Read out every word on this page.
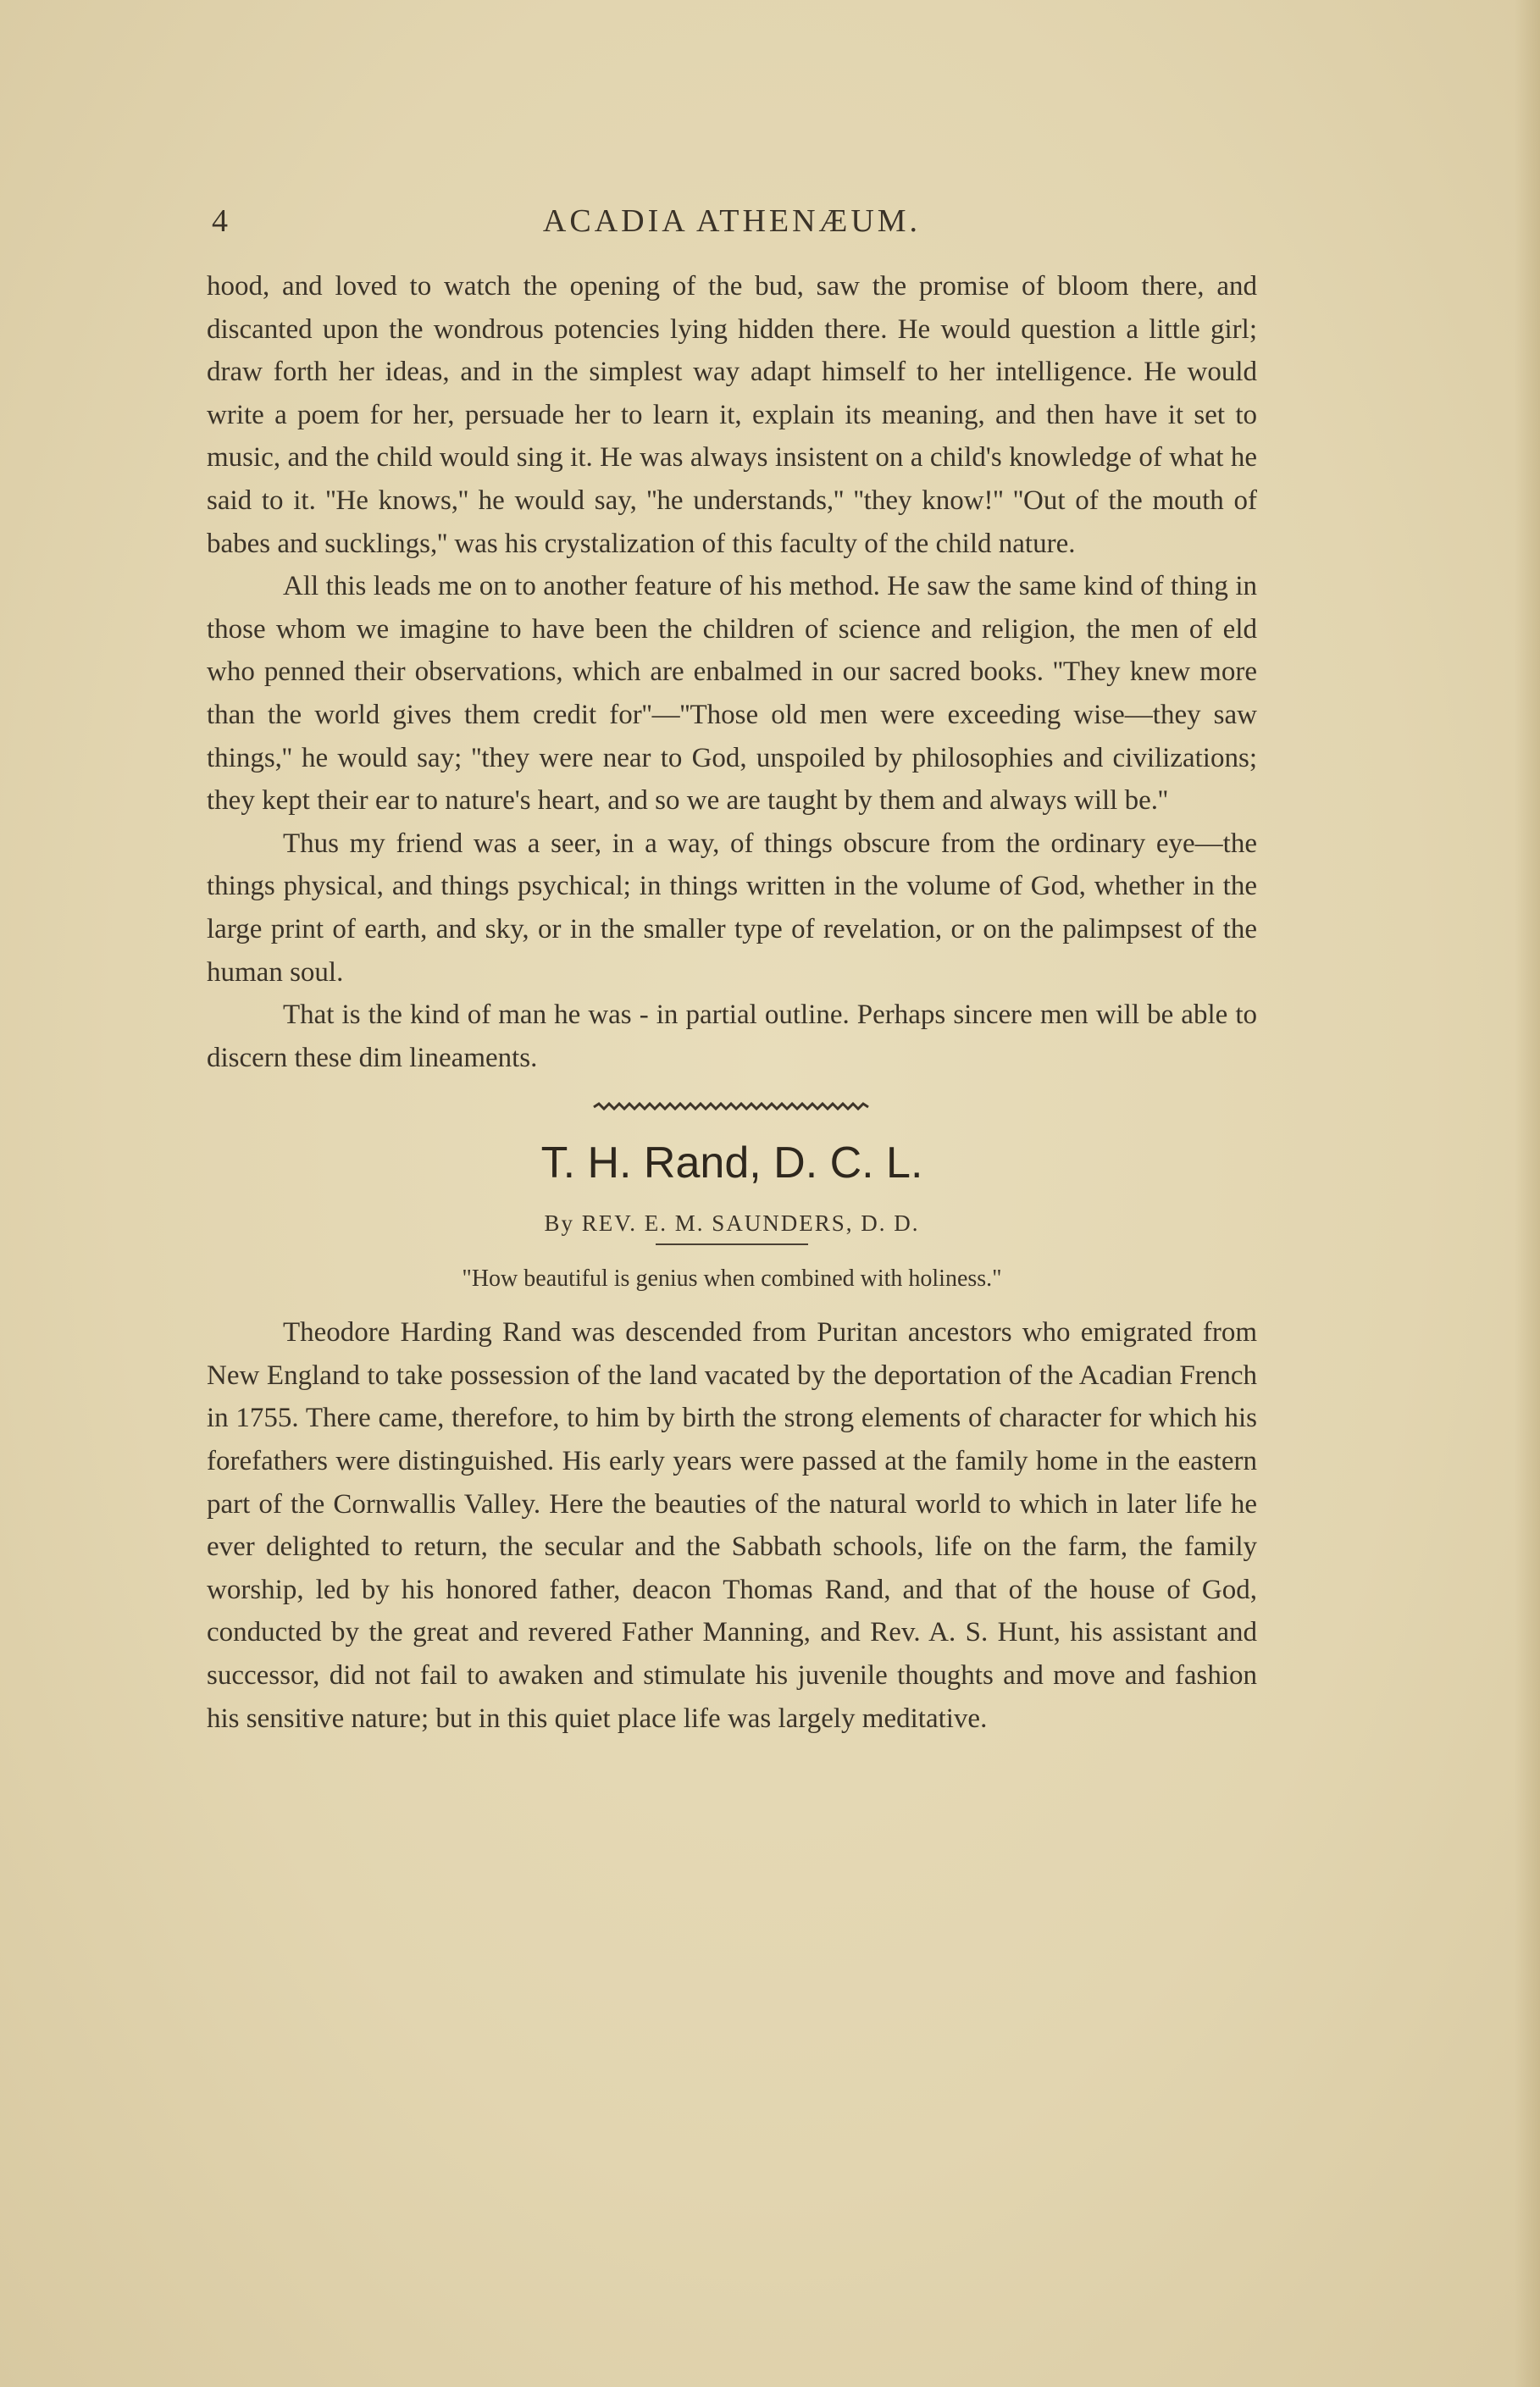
4	ACADIA ATHENÆUM.

hood, and loved to watch the opening of the bud, saw the promise of bloom there, and discanted upon the wondrous potencies lying hidden there. He would question a little girl; draw forth her ideas, and in the simplest way adapt himself to her intelligence. He would write a poem for her, persuade her to learn it, explain its meaning, and then have it set to music, and the child would sing it. He was always insistent on a child's knowledge of what he said to it. ''He knows,'' he would say, ''he understands,'' ''they know!'' ''Out of the mouth of babes and sucklings,'' was his crystalization of this faculty of the child nature.

All this leads me on to another feature of his method. He saw the same kind of thing in those whom we imagine to have been the children of science and religion, the men of eld who penned their observations, which are enbalmed in our sacred books. ''They knew more than the world gives them credit for''—''Those old men were exceeding wise—they saw things,'' he would say; ''they were near to God, unspoiled by philosophies and civilizations; they kept their ear to nature's heart, and so we are taught by them and always will be.''

Thus my friend was a seer, in a way, of things obscure from the ordinary eye—the things physical, and things psychical; in things written in the volume of God, whether in the large print of earth, and sky, or in the smaller type of revelation, or on the palimpsest of the human soul.

That is the kind of man he was - in partial outline. Perhaps sincere men will be able to discern these dim lineaments.

T. H. Rand, D. C. L.
By REV. E. M. SAUNDERS, D. D.
"How beautiful is genius when combined with holiness."

Theodore Harding Rand was descended from Puritan ancestors who emigrated from New England to take possession of the land vacated by the deportation of the Acadian French in 1755. There came, therefore, to him by birth the strong elements of character for which his forefathers were distinguished. His early years were passed at the family home in the eastern part of the Cornwallis Valley. Here the beauties of the natural world to which in later life he ever delighted to return, the secular and the Sabbath schools, life on the farm, the family worship, led by his honored father, deacon Thomas Rand, and that of the house of God, conducted by the great and revered Father Manning, and Rev. A. S. Hunt, his assistant and successor, did not fail to awaken and stimulate his juvenile thoughts and move and fashion his sensitive nature; but in this quiet place life was largely meditative.
